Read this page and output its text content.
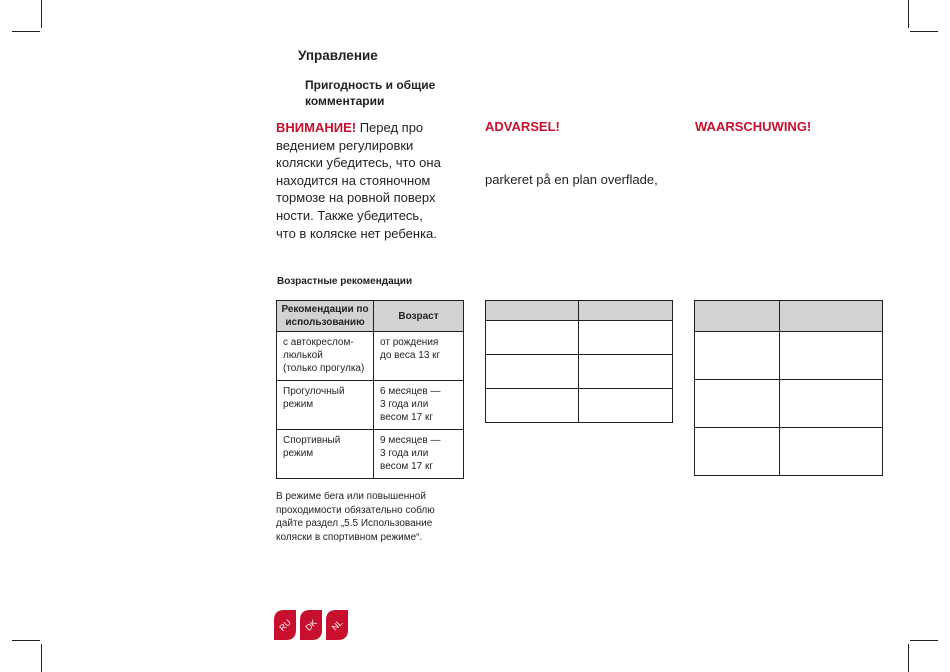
Управление
Пригодность и общие комментарии
ВНИМАНИЕ! Перед про
ведением регулировки
коляски убедитесь, что она
находится на стояночном
тормозе на ровной поверх
ности. Также убедитесь,
что в коляске нет ребенка.
ADVARSEL!
parkeret på en plan overflade,
WAARSCHUWING!
Возрастные рекомендации
Рекомендации по использованию	Возраст
с автокреслом-
люлькой
(только прогулка)	от рождения
до веса 13 кг
Прогулочный
режим	6 месяцев —
3 года или
весом 17 кг
Спортивный
режим	9 месяцев —
3 года или
весом 17 кг

В режиме бега или повышенной
проходимости обязательно соблю
дайте раздел „5.5 Использование
коляски в спортивном режиме“.
RU DK NL
